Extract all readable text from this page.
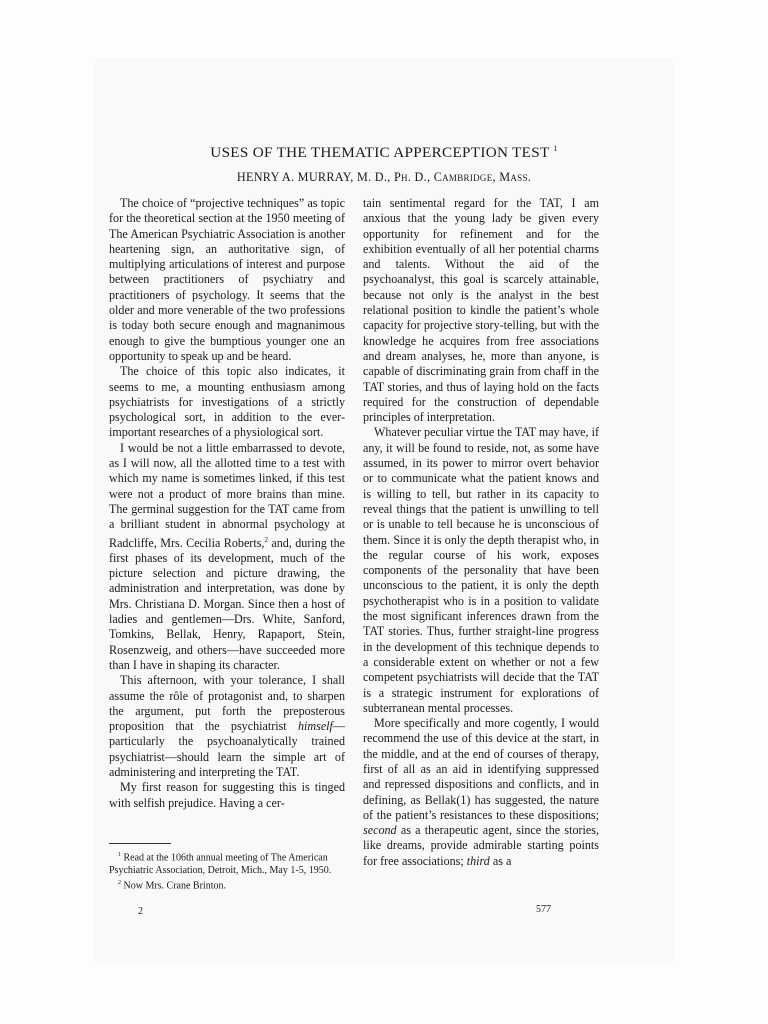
USES OF THE THEMATIC APPERCEPTION TEST $^1$
HENRY A. MURRAY, M. D., Ph. D., Cambridge, Mass.

The choice of “projective techniques” as topic for the theoretical section at the 1950 meeting of The American Psychiatric Association is another heartening sign, an authoritative sign, of multiplying articulations of interest and purpose between practitioners of psychiatry and practitioners of psychology. It seems that the older and more venerable of the two professions is today both secure enough and magnanimous enough to give the bumptious younger one an opportunity to speak up and be heard.

The choice of this topic also indicates, it seems to me, a mounting enthusiasm among psychiatrists for investigations of a strictly psychological sort, in addition to the ever-important researches of a physiological sort.

I would be not a little embarrassed to devote, as I will now, all the allotted time to a test with which my name is sometimes linked, if this test were not a product of more brains than mine. The germinal suggestion for the TAT came from a brilliant student in abnormal psychology at Radcliffe, Mrs. Cecilia Roberts,$^2$ and, during the first phases of its development, much of the picture selection and picture drawing, the administration and interpretation, was done by Mrs. Christiana D. Morgan. Since then a host of ladies and gentlemen—Drs. White, Sanford, Tomkins, Bellak, Henry, Rapaport, Stein, Rosenzweig, and others—have succeeded more than I have in shaping its character.

This afternoon, with your tolerance, I shall assume the rôle of protagonist and, to sharpen the argument, put forth the preposterous proposition that the psychiatrist himself—particularly the psychoanalytically trained psychiatrist—should learn the simple art of administering and interpreting the TAT.

My first reason for suggesting this is tinged with selfish prejudice. Having a cer-

tain sentimental regard for the TAT, I am anxious that the young lady be given every opportunity for refinement and for the exhibition eventually of all her potential charms and talents. Without the aid of the psychoanalyst, this goal is scarcely attainable, because not only is the analyst in the best relational position to kindle the patient’s whole capacity for projective story-telling, but with the knowledge he acquires from free associations and dream analyses, he, more than anyone, is capable of discriminating grain from chaff in the TAT stories, and thus of laying hold on the facts required for the construction of dependable principles of interpretation.

Whatever peculiar virtue the TAT may have, if any, it will be found to reside, not, as some have assumed, in its power to mirror overt behavior or to communicate what the patient knows and is willing to tell, but rather in its capacity to reveal things that the patient is unwilling to tell or is unable to tell because he is unconscious of them. Since it is only the depth therapist who, in the regular course of his work, exposes components of the personality that have been unconscious to the patient, it is only the depth psychotherapist who is in a position to validate the most significant inferences drawn from the TAT stories. Thus, further straight-line progress in the development of this technique depends to a considerable extent on whether or not a few competent psychiatrists will decide that the TAT is a strategic instrument for explorations of subterranean mental processes.

More specifically and more cogently, I would recommend the use of this device at the start, in the middle, and at the end of courses of therapy, first of all as an aid in identifying suppressed and repressed dispositions and conflicts, and in defining, as Bellak(1) has suggested, the nature of the patient’s resistances to these dispositions; second as a therapeutic agent, since the stories, like dreams, provide admirable starting points for free associations; third as a

$^1$ Read at the 106th annual meeting of The American Psychiatric Association, Detroit, Mich., May 1-5, 1950.

$^2$ Now Mrs. Crane Brinton.

2	577
